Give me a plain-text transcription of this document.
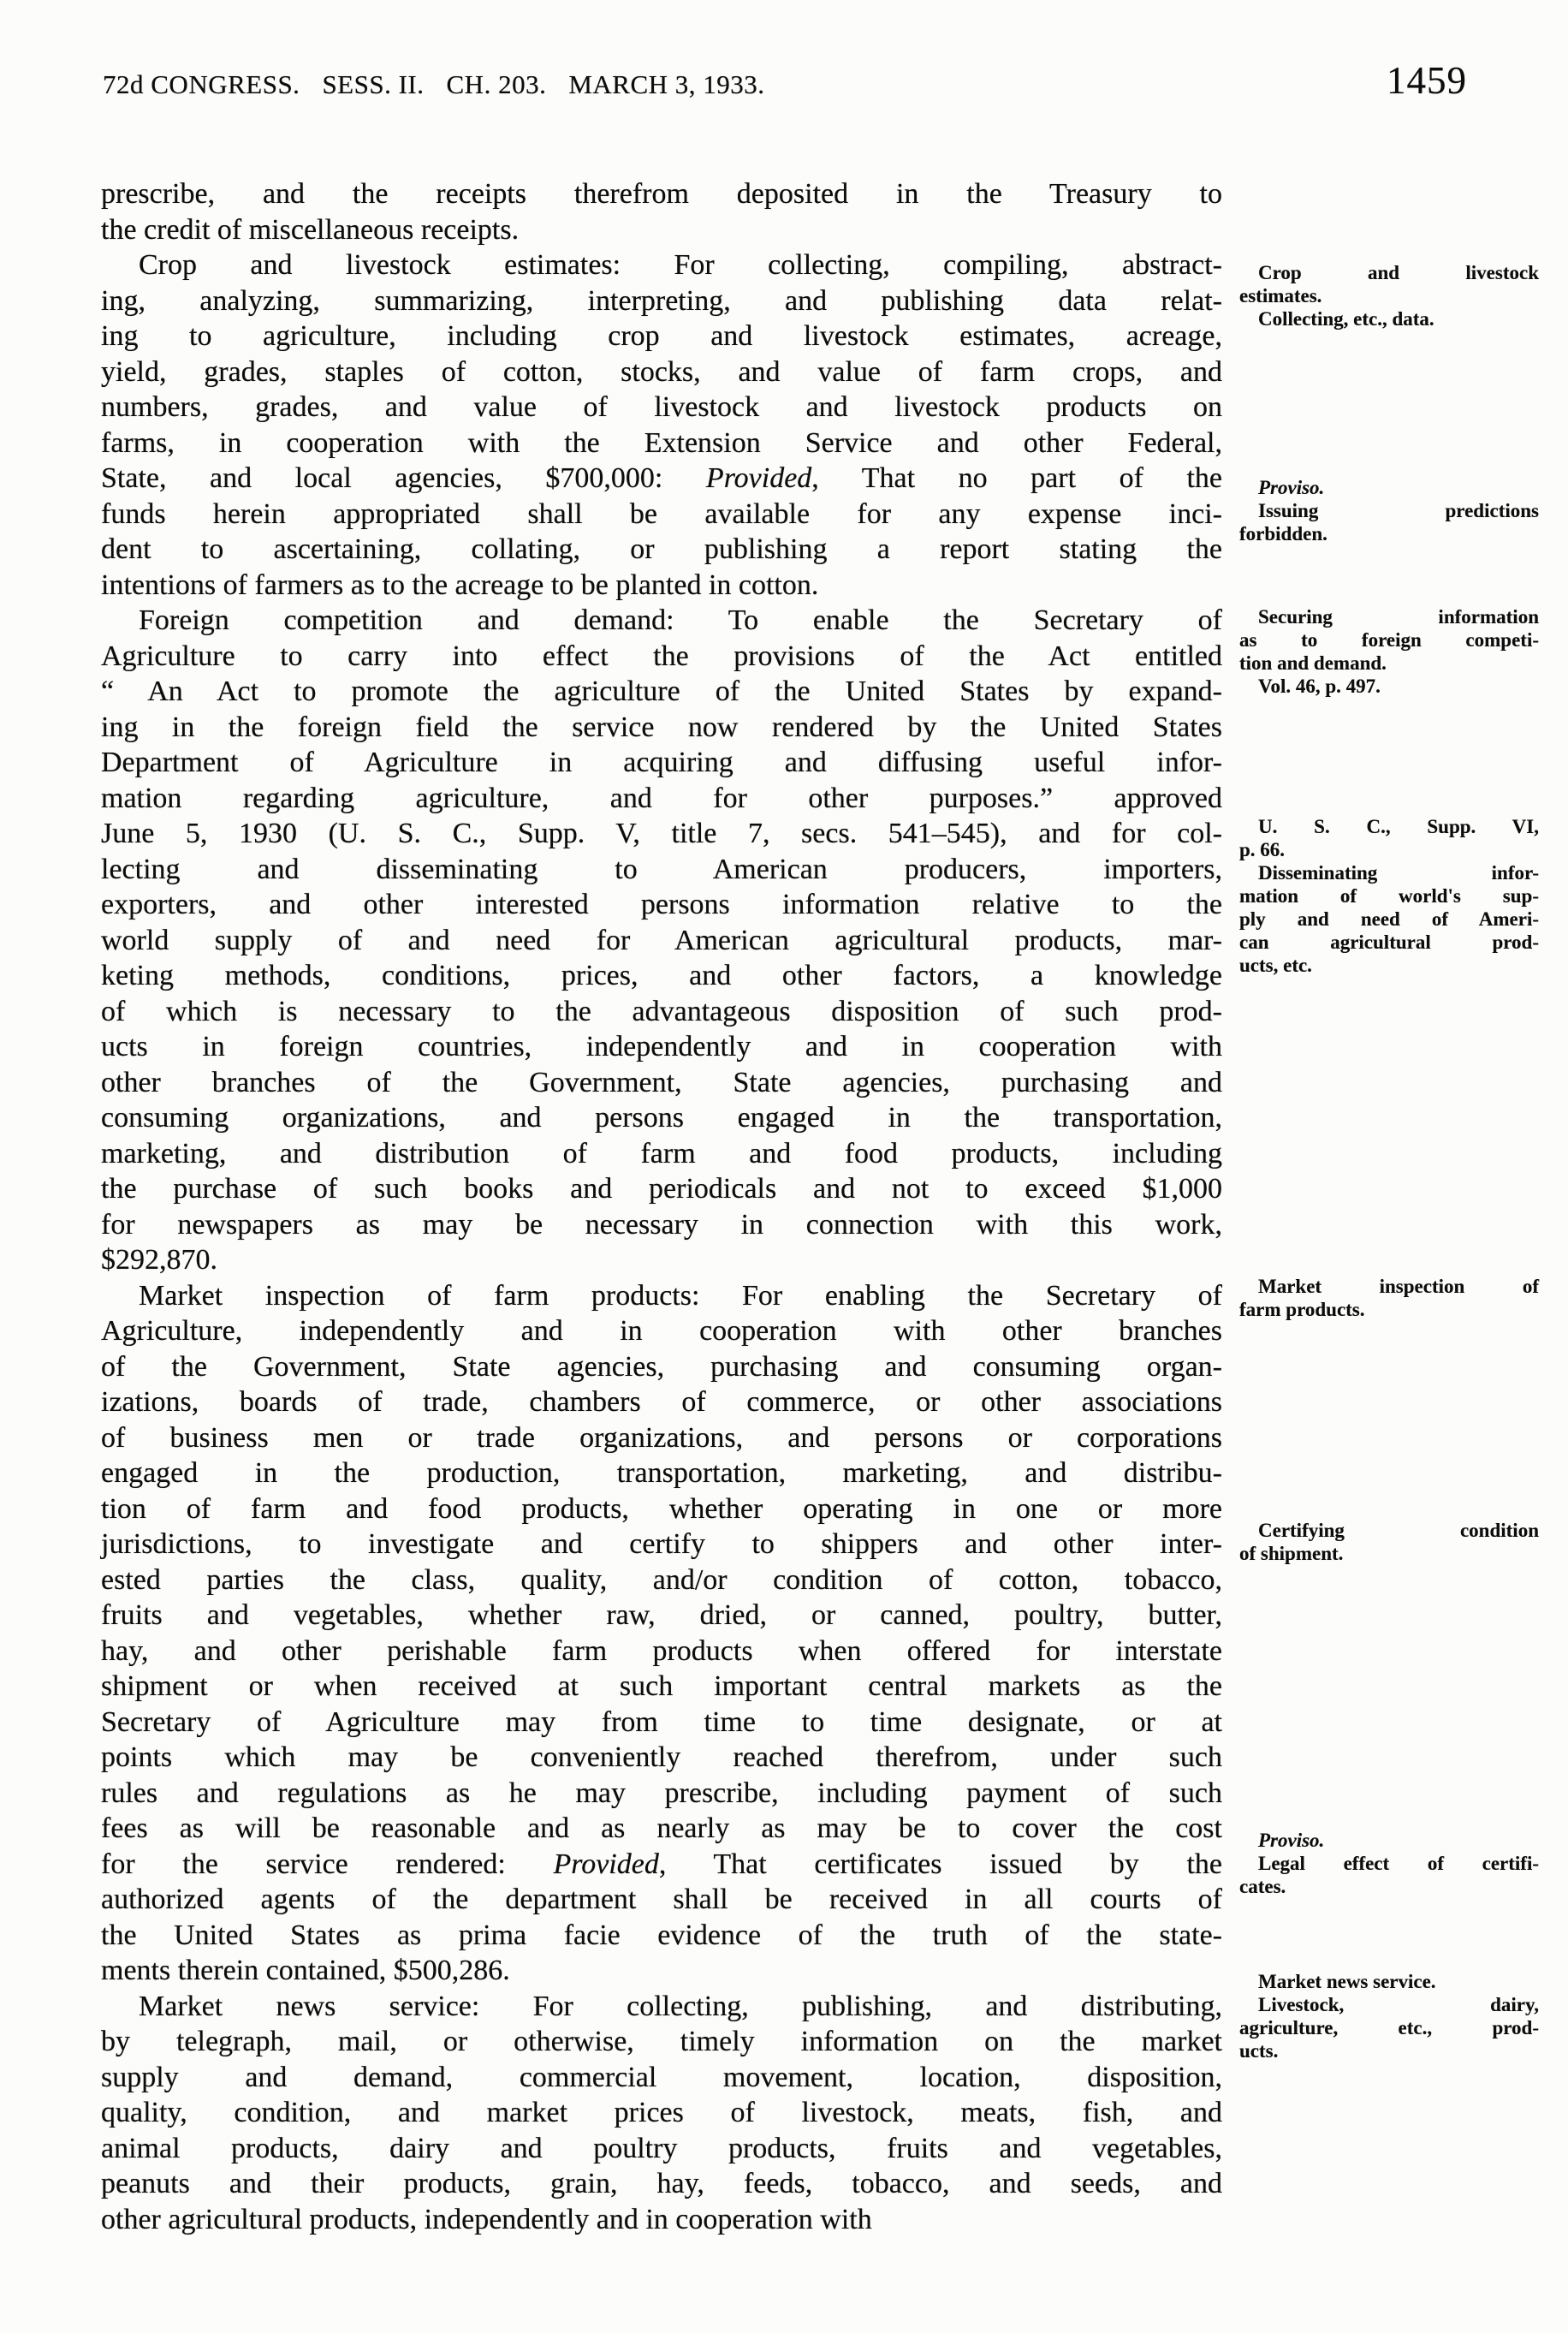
72d CONGRESS. SESS. II. CH. 203. MARCH 3, 1933.	1459
prescribe, and the receipts therefrom deposited in the Treasury to
the credit of miscellaneous receipts.
Crop and livestock estimates: For collecting, compiling, abstract-
ing, analyzing, summarizing, interpreting, and publishing data relat-
ing to agriculture, including crop and livestock estimates, acreage,
yield, grades, staples of cotton, stocks, and value of farm crops, and
numbers, grades, and value of livestock and livestock products on
farms, in cooperation with the Extension Service and other Federal,
State, and local agencies, $700,000: Provided, That no part of the
funds herein appropriated shall be available for any expense inci-
dent to ascertaining, collating, or publishing a report stating the
intentions of farmers as to the acreage to be planted in cotton.
Foreign competition and demand: To enable the Secretary of
Agriculture to carry into effect the provisions of the Act entitled
“ An Act to promote the agriculture of the United States by expand-
ing in the foreign field the service now rendered by the United States
Department of Agriculture in acquiring and diffusing useful infor-
mation regarding agriculture, and for other purposes.” approved
June 5, 1930 (U. S. C., Supp. V, title 7, secs. 541–545), and for col-
lecting and disseminating to American producers, importers,
exporters, and other interested persons information relative to the
world supply of and need for American agricultural products, mar-
keting methods, conditions, prices, and other factors, a knowledge
of which is necessary to the advantageous disposition of such prod-
ucts in foreign countries, independently and in cooperation with
other branches of the Government, State agencies, purchasing and
consuming organizations, and persons engaged in the transportation,
marketing, and distribution of farm and food products, including
the purchase of such books and periodicals and not to exceed $1,000
for newspapers as may be necessary in connection with this work,
$292,870.
Market inspection of farm products: For enabling the Secretary of
Agriculture, independently and in cooperation with other branches
of the Government, State agencies, purchasing and consuming organ-
izations, boards of trade, chambers of commerce, or other associations
of business men or trade organizations, and persons or corporations
engaged in the production, transportation, marketing, and distribu-
tion of farm and food products, whether operating in one or more
jurisdictions, to investigate and certify to shippers and other inter-
ested parties the class, quality, and/or condition of cotton, tobacco,
fruits and vegetables, whether raw, dried, or canned, poultry, butter,
hay, and other perishable farm products when offered for interstate
shipment or when received at such important central markets as the
Secretary of Agriculture may from time to time designate, or at
points which may be conveniently reached therefrom, under such
rules and regulations as he may prescribe, including payment of such
fees as will be reasonable and as nearly as may be to cover the cost
for the service rendered: Provided, That certificates issued by the
authorized agents of the department shall be received in all courts of
the United States as prima facie evidence of the truth of the state-
ments therein contained, $500,286.
Market news service: For collecting, publishing, and distributing,
by telegraph, mail, or otherwise, timely information on the market
supply and demand, commercial movement, location, disposition,
quality, condition, and market prices of livestock, meats, fish, and
animal products, dairy and poultry products, fruits and vegetables,
peanuts and their products, grain, hay, feeds, tobacco, and seeds, and
other agricultural products, independently and in cooperation with
Crop and livestock
estimates.
Collecting, etc., data.
Proviso.
Issuing predictions
forbidden.
Securing information
as to foreign competi-
tion and demand.
Vol. 46, p. 497.
U. S. C., Supp. VI,
p. 66.
Disseminating infor-
mation of world's sup-
ply and need of Ameri-
can agricultural prod-
ucts, etc.
Market inspection of
farm products.
Certifying condition
of shipment.
Proviso.
Legal effect of certifi-
cates.
Market news service.
Livestock, dairy,
agriculture, etc., prod-
ucts.
